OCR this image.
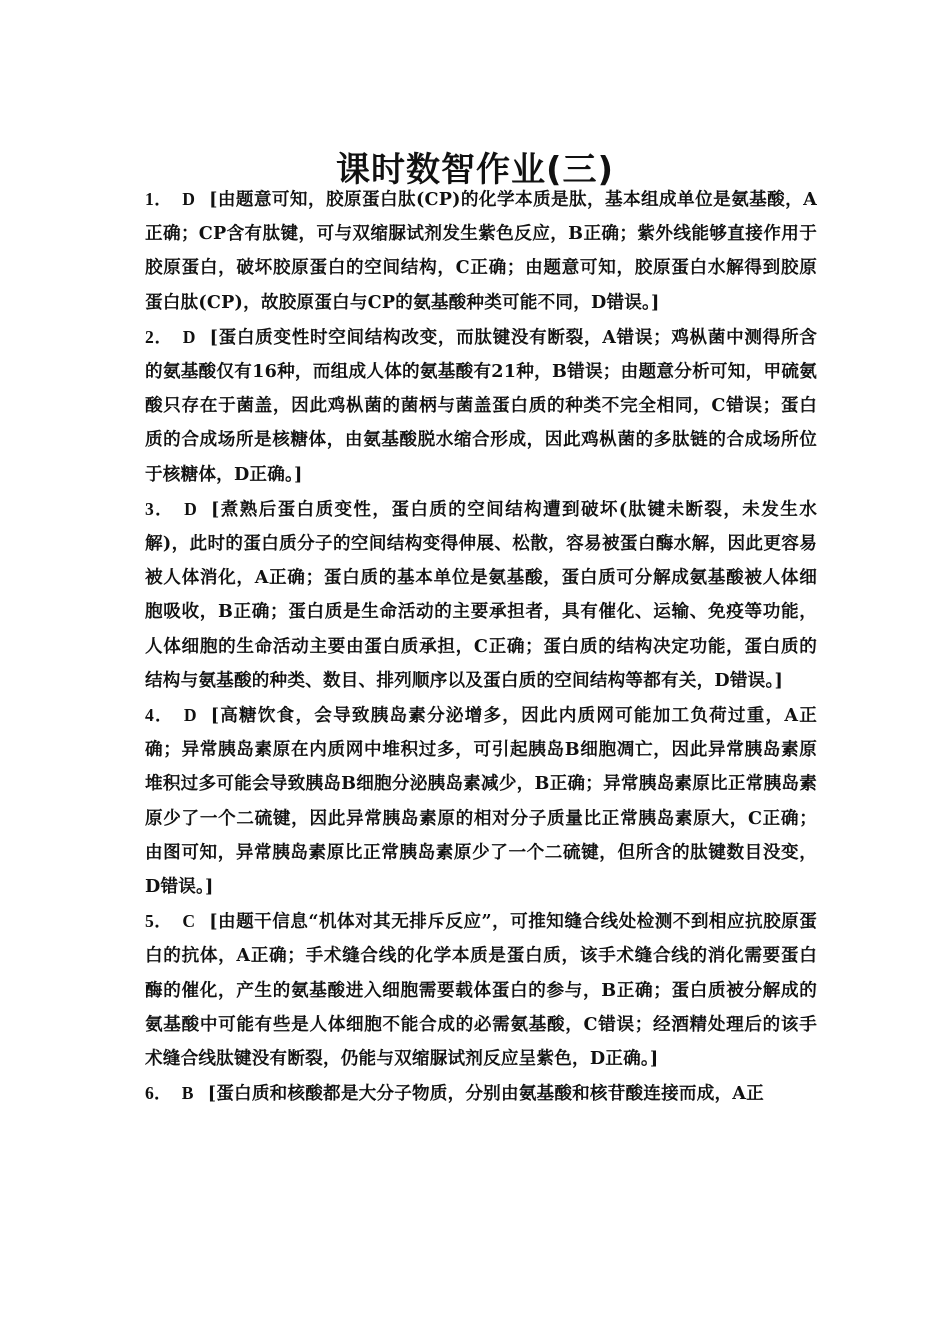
课时数智作业(三)

1． D [由题意可知，胶原蛋白肽(CP)的化学本质是肽，基本组成单位是氨基酸，A正确；CP含有肽键，可与双缩脲试剂发生紫色反应，B正确；紫外线能够直接作用于胶原蛋白，破坏胶原蛋白的空间结构，C正确；由题意可知，胶原蛋白水解得到胶原蛋白肽(CP)，故胶原蛋白与CP的氨基酸种类可能不同，D错误。]

2． D [蛋白质变性时空间结构改变，而肽键没有断裂，A错误；鸡枞菌中测得所含的氨基酸仅有16种，而组成人体的氨基酸有21种，B错误；由题意分析可知，甲硫氨酸只存在于菌盖，因此鸡枞菌的菌柄与菌盖蛋白质的种类不完全相同，C错误；蛋白质的合成场所是核糖体，由氨基酸脱水缩合形成，因此鸡枞菌的多肽链的合成场所位于核糖体，D正确。]

3． D [煮熟后蛋白质变性，蛋白质的空间结构遭到破坏(肽键未断裂，未发生水解)，此时的蛋白质分子的空间结构变得伸展、松散，容易被蛋白酶水解，因此更容易被人体消化，A正确；蛋白质的基本单位是氨基酸，蛋白质可分解成氨基酸被人体细胞吸收，B正确；蛋白质是生命活动的主要承担者，具有催化、运输、免疫等功能，人体细胞的生命活动主要由蛋白质承担，C正确；蛋白质的结构决定功能，蛋白质的结构与氨基酸的种类、数目、排列顺序以及蛋白质的空间结构等都有关，D错误。]

4． D [高糖饮食，会导致胰岛素分泌增多，因此内质网可能加工负荷过重，A正确；异常胰岛素原在内质网中堆积过多，可引起胰岛B细胞凋亡，因此异常胰岛素原堆积过多可能会导致胰岛B细胞分泌胰岛素减少，B正确；异常胰岛素原比正常胰岛素原少了一个二硫键，因此异常胰岛素原的相对分子质量比正常胰岛素原大，C正确；由图可知，异常胰岛素原比正常胰岛素原少了一个二硫键，但所含的肽键数目没变，D错误。]

5． C [由题干信息“机体对其无排斥反应”，可推知缝合线处检测不到相应抗胶原蛋白的抗体，A正确；手术缝合线的化学本质是蛋白质，该手术缝合线的消化需要蛋白酶的催化，产生的氨基酸进入细胞需要载体蛋白的参与，B正确；蛋白质被分解成的氨基酸中可能有些是人体细胞不能合成的必需氨基酸，C错误；经酒精处理后的该手术缝合线肽键没有断裂，仍能与双缩脲试剂反应呈紫色，D正确。]

6． B [蛋白质和核酸都是大分子物质，分别由氨基酸和核苷酸连接而成，A正
